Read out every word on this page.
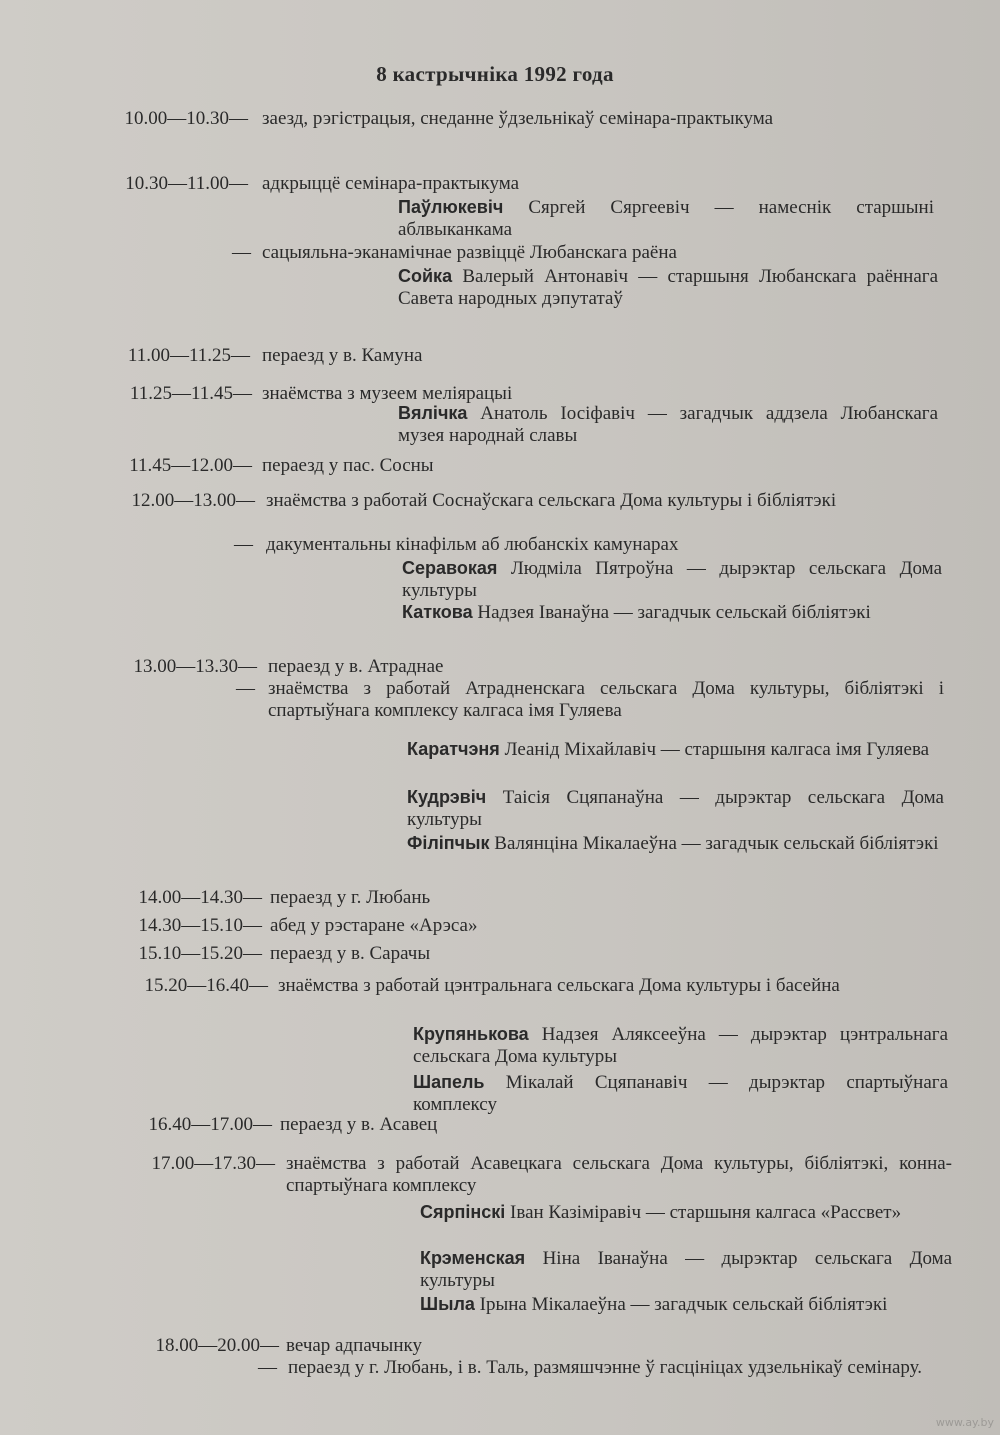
8 кастрычніка 1992 года
10.00—10.30— заезд, рэгістрацыя, снеданне ўдзельнікаў семінара-практыкума
10.30—11.00— адкрыццё семінара-практыкума
Паўлюкевіч Сяргей Сяргеевіч — намеснік старшыні аблвыканкама
— сацыяльна-эканамічнае развіццё Любанскага раёна
Сойка Валерый Антонавіч — старшыня Любанскага раённага Савета народных дэпутатаў
11.00—11.25— пераезд у в. Камуна
11.25—11.45— знаёмства з музеем меліярацыі
Вялічка Анатоль Іосіфавіч — загадчык аддзела Любанскага музея народнай славы
11.45—12.00— пераезд у пас. Сосны
12.00—13.00— знаёмства з работай Соснаўскага сельскага Дома культуры і бібліятэкі
— дакументальны кінафільм аб любанскіх камунарах
Серавокая Людміла Пятроўна — дырэктар сельскага Дома культуры
Каткова Надзея Іванаўна — загадчык сельскай бібліятэкі
13.00—13.30— пераезд у в. Атраднае
— знаёмства з работай Атрадненскага сельскага Дома культуры, бібліятэкі і спартыўнага комплексу калгаса імя Гуляева
Каратчэня Леанід Міхайлавіч — старшыня калгаса імя Гуляева
Кудрэвіч Таісія Сцяпанаўна — дырэктар сельскага Дома культуры
Філіпчык Валянціна Мікалаеўна — загадчык сельскай бібліятэкі
14.00—14.30— пераезд у г. Любань
14.30—15.10— абед у рэстаране «Арэса»
15.10—15.20— пераезд у в. Сарачы
15.20—16.40— знаёмства з работай цэнтральнага сельскага Дома культуры і басейна
Крупянькова Надзея Аляксееўна — дырэктар цэнтральнага сельскага Дома культуры
Шапель Мікалай Сцяпанавіч — дырэктар спартыўнага комплексу
16.40—17.00— пераезд у в. Асавец
17.00—17.30— знаёмства з работай Асавецкага сельскага Дома культуры, бібліятэкі, конна-спартыўнага комплексу
Сярпінскі Іван Казіміравіч — старшыня калгаса «Рассвет»
Крэменская Ніна Іванаўна — дырэктар сельскага Дома культуры
Шыла Ірына Мікалаеўна — загадчык сельскай бібліятэкі
18.00—20.00— вечар адпачынку
— пераезд у г. Любань, і в. Таль, размяшчэнне ў гасцініцах удзельнікаў семінару.
www.ay.by
